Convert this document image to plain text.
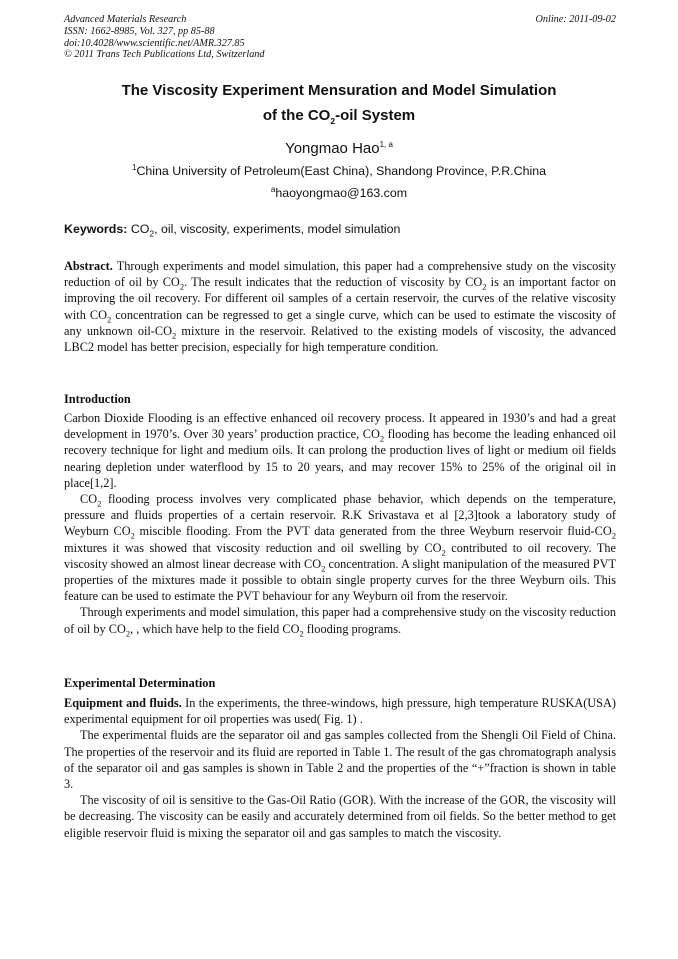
Advanced Materials Research
ISSN: 1662-8985, Vol. 327, pp 85-88
doi:10.4028/www.scientific.net/AMR.327.85
© 2011 Trans Tech Publications Ltd, Switzerland
Online: 2011-09-02
The Viscosity Experiment Mensuration and Model Simulation
of the $CO_2$-oil System
Yongmao Hao$^{1, a}$
$^1$China University of Petroleum(East China), Shandong Province, P.R.China
$^a$haoyongmao@163.com
Keywords: $CO_2$, oil, viscosity, experiments, model simulation

Abstract. Through experiments and model simulation, this paper had a comprehensive study on the viscosity reduction of oil by $CO_2$. The result indicates that the reduction of viscosity by $CO_2$ is an important factor on improving the oil recovery. For different oil samples of a certain reservoir, the curves of the relative viscosity with $CO_2$ concentration can be regressed to get a single curve, which can be used to estimate the viscosity of any unknown oil-$CO_2$ mixture in the reservoir. Relatived to the existing models of viscosity, the advanced LBC2 model has better precision, especially for high temperature condition.

Introduction

Carbon Dioxide Flooding is an effective enhanced oil recovery process. It appeared in 1930’s and had a great development in 1970’s. Over 30 years’ production practice, $CO_2$ flooding has become the leading enhanced oil recovery technique for light and medium oils. It can prolong the production lives of light or medium oil fields nearing depletion under waterflood by 15 to 20 years, and may recover 15% to 25% of the original oil in place[1,2].

$CO_2$ flooding process involves very complicated phase behavior, which depends on the temperature, pressure and fluids properties of a certain reservoir. R.K Srivastava et al [2,3]took a laboratory study of Weyburn $CO_2$ miscible flooding. From the PVT data generated from the three Weyburn reservoir fluid-$CO_2$ mixtures it was showed that viscosity reduction and oil swelling by $CO_2$ contributed to oil recovery. The viscosity showed an almost linear decrease with $CO_2$ concentration. A slight manipulation of the measured PVT properties of the mixtures made it possible to obtain single property curves for the three Weyburn oils. This feature can be used to estimate the PVT behaviour for any Weyburn oil from the reservoir.

Through experiments and model simulation, this paper had a comprehensive study on the viscosity reduction of oil by $CO_2$, , which have help to the field $CO_2$ flooding programs.

Experimental Determination

Equipment and fluids. In the experiments, the three-windows, high pressure, high temperature RUSKA(USA) experimental equipment for oil properties was used( Fig. 1) .

The experimental fluids are the separator oil and gas samples collected from the Shengli Oil Field of China. The properties of the reservoir and its fluid are reported in Table 1. The result of the gas chromatograph analysis of the separator oil and gas samples is shown in Table 2 and the properties of the “+”fraction is shown in table 3.

The viscosity of oil is sensitive to the Gas-Oil Ratio (GOR). With the increase of the GOR, the viscosity will be decreasing. The viscosity can be easily and accurately determined from oil fields. So the better method to get eligible reservoir fluid is mixing the separator oil and gas samples to match the viscosity.
